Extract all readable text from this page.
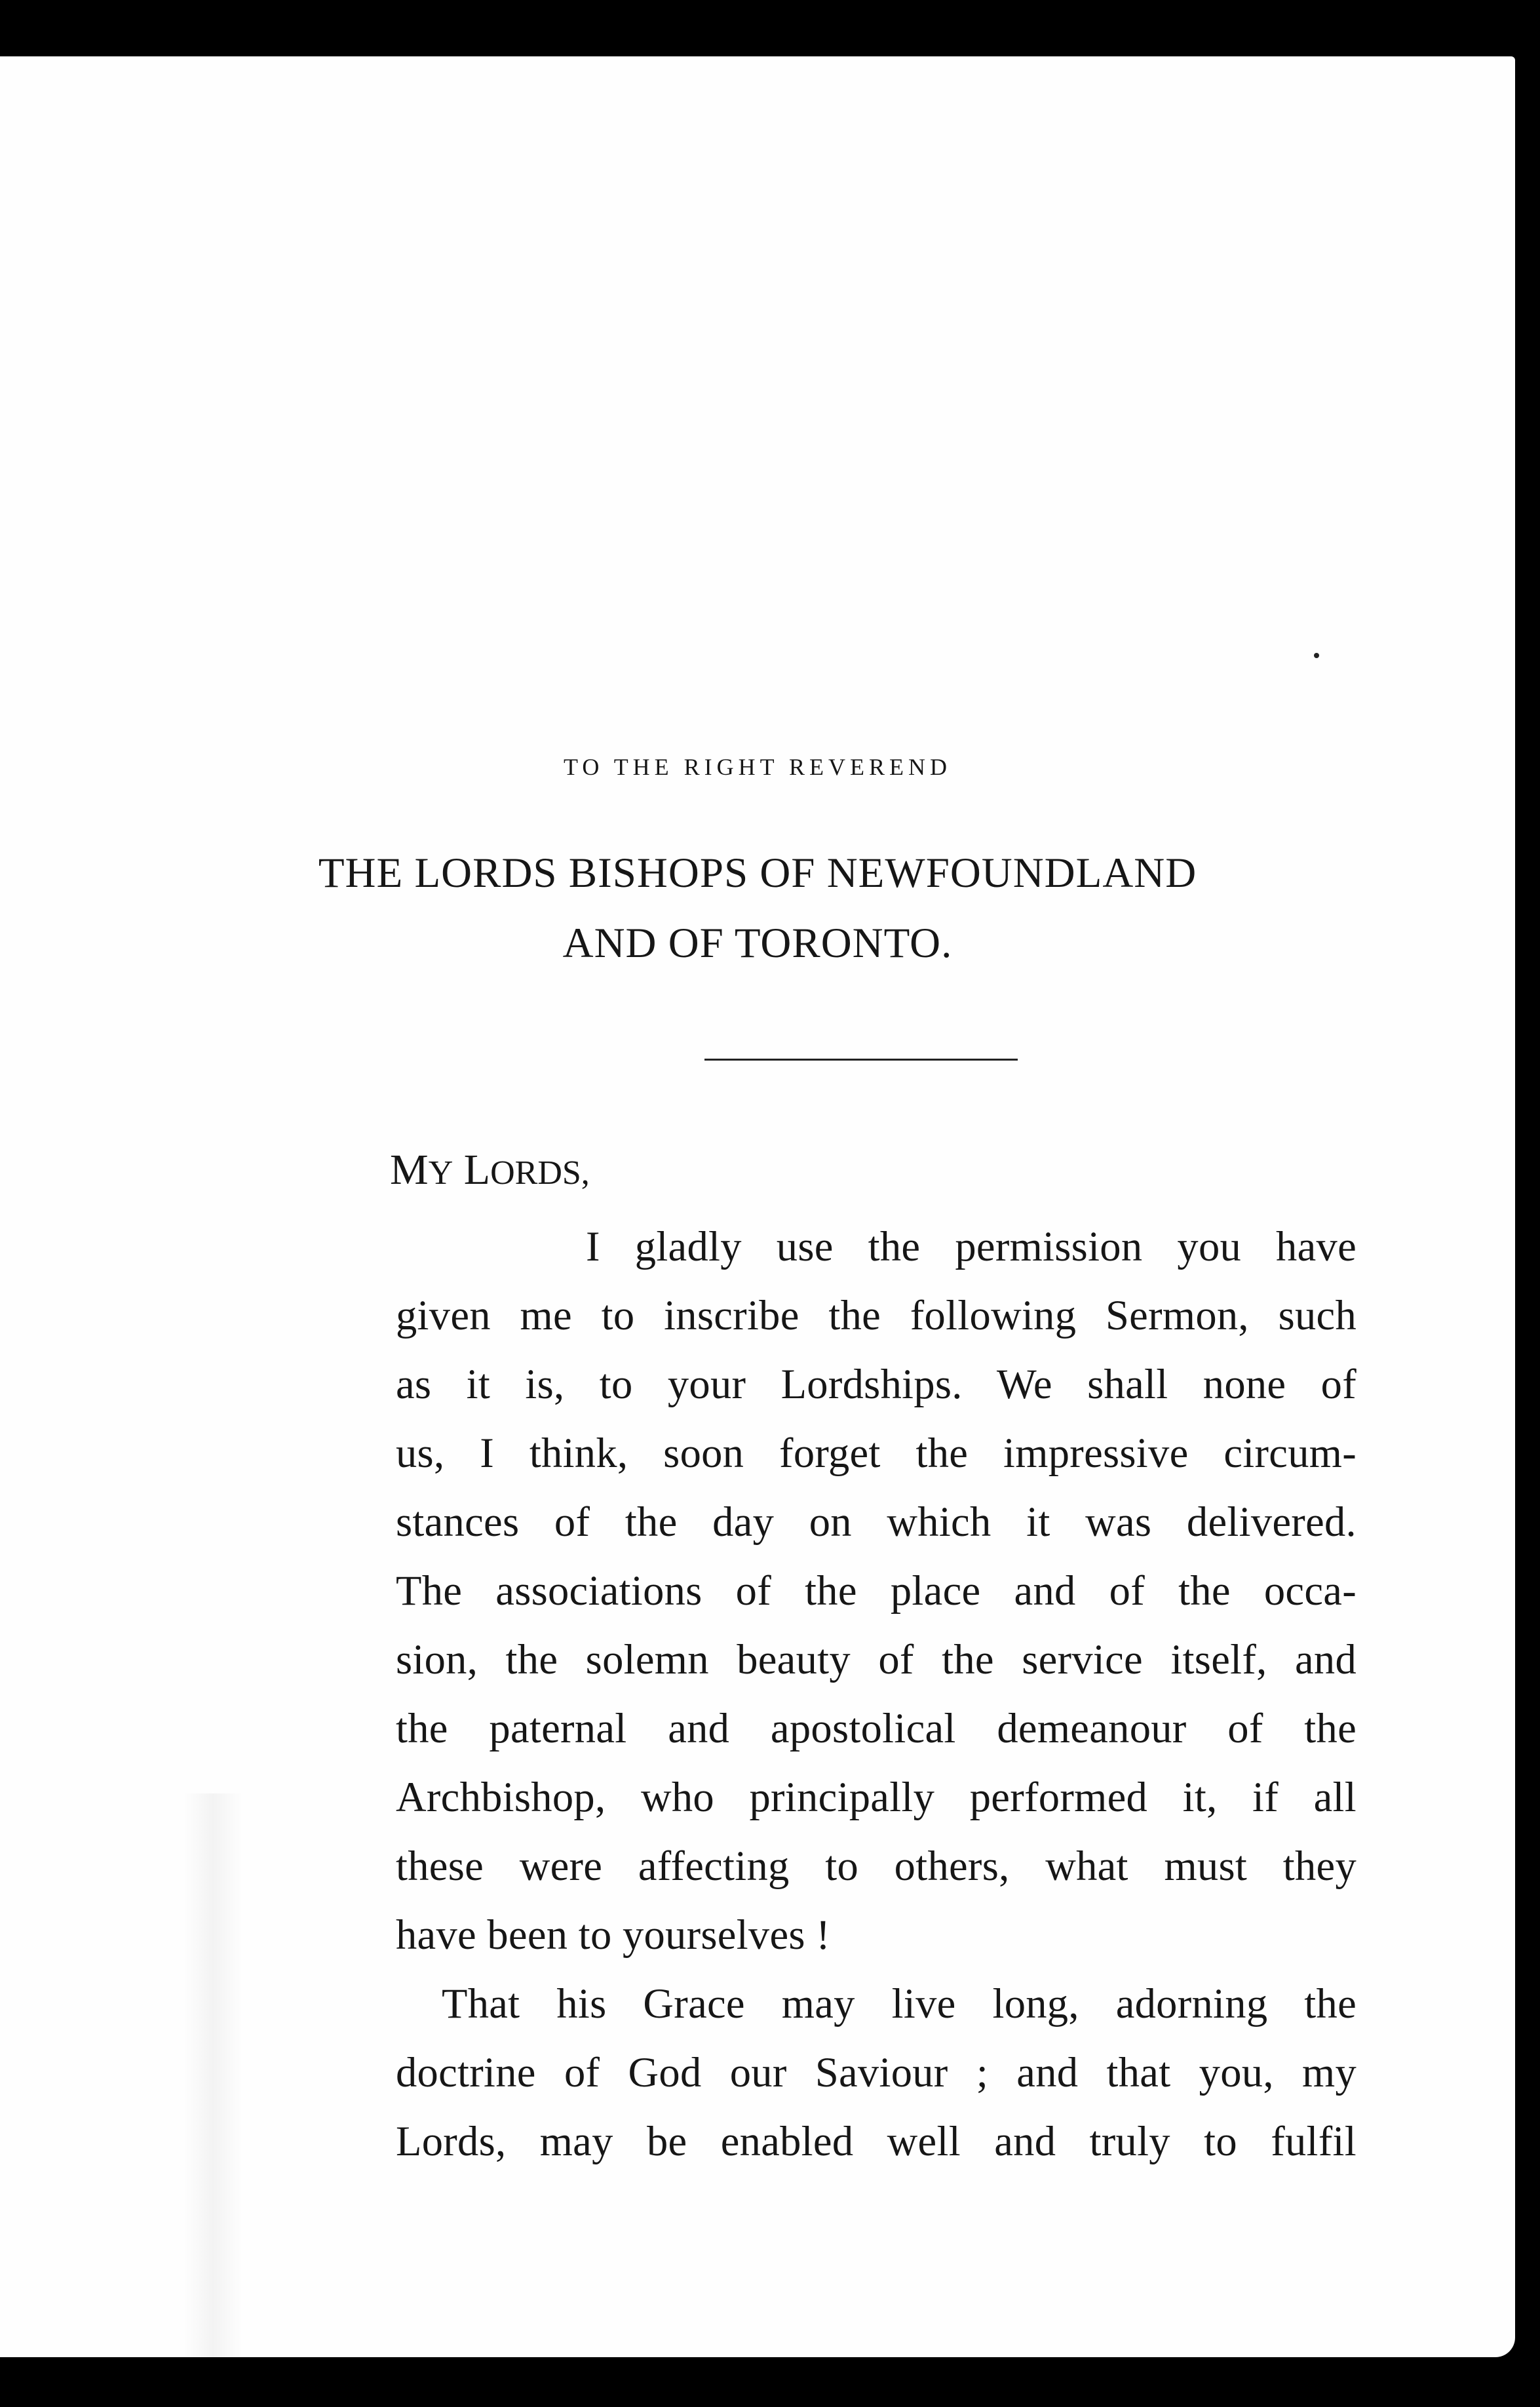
TO THE RIGHT REVEREND
THE LORDS BISHOPS OF NEWFOUNDLAND
AND OF TORONTO.

MY LORDS,

I gladly use the permission you have

given me to inscribe the following Sermon, such

as it is, to your Lordships. We shall none of

us, I think, soon forget the impressive circum-

stances of the day on which it was delivered.

The associations of the place and of the occa-

sion, the solemn beauty of the service itself, and

the paternal and apostolical demeanour of the

Archbishop, who principally performed it, if all

these were affecting to others, what must they

have been to yourselves !

That his Grace may live long, adorning the

doctrine of God our Saviour ; and that you, my

Lords, may be enabled well and truly to fulfil
